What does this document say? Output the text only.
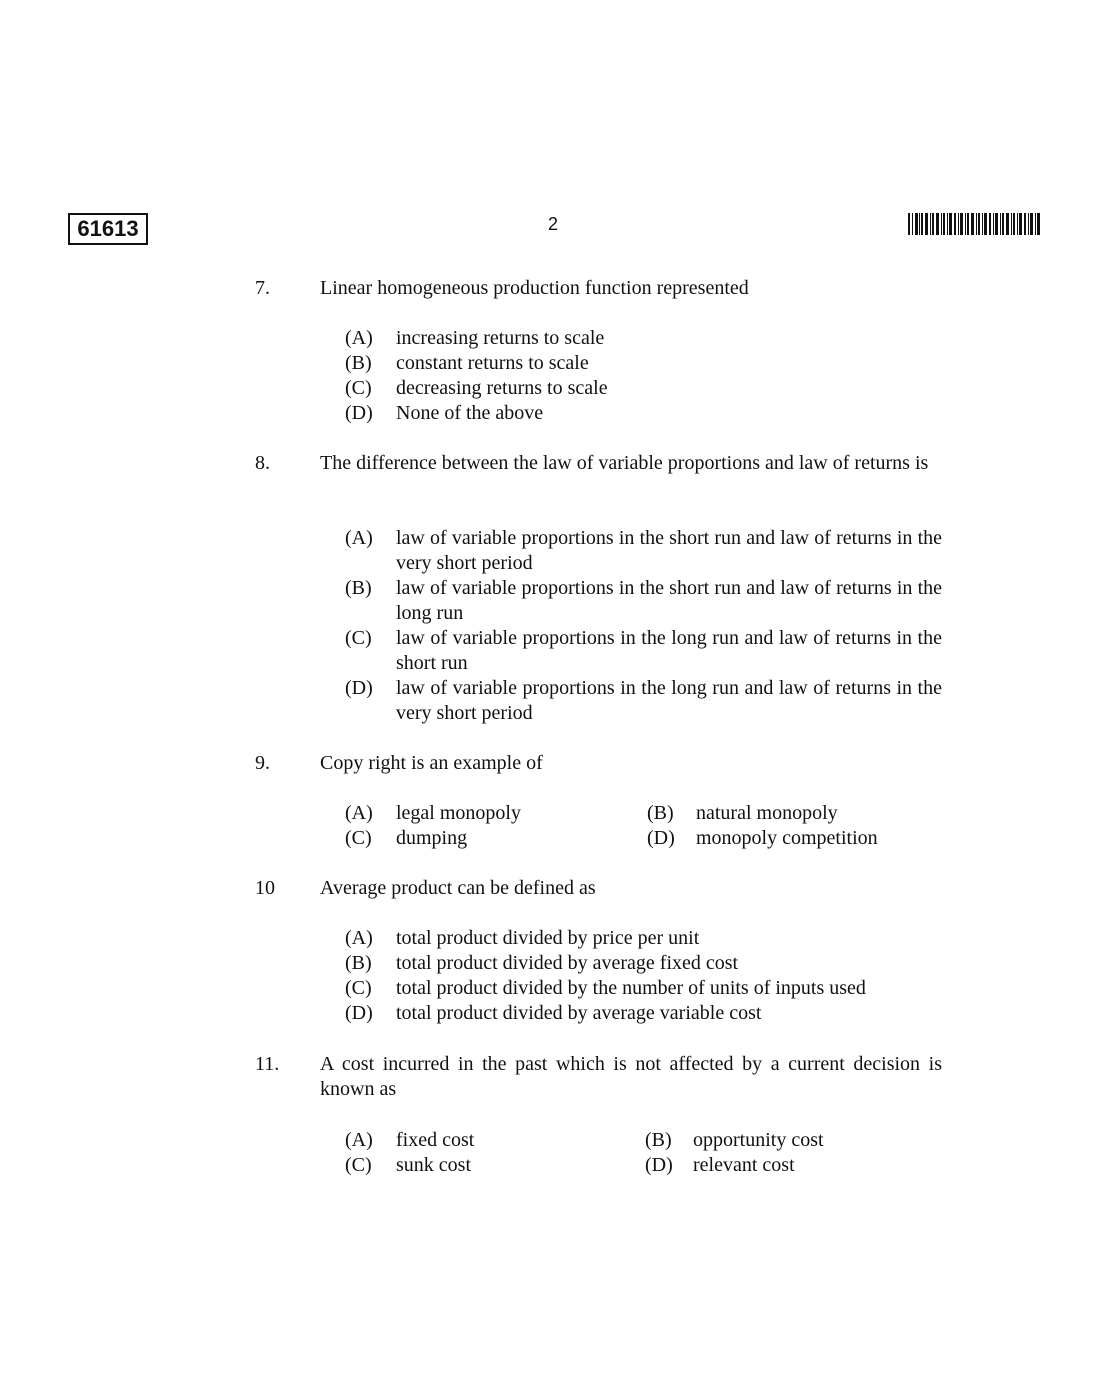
61613	2
7.	Linear homogeneous production function represented
(A) increasing returns to scale
(B) constant returns to scale
(C) decreasing returns to scale
(D) None of the above
8.	The difference between the law of variable proportions and law of returns is
(A) law of variable proportions in the short run and law of returns in the very short period
(B) law of variable proportions in the short run and law of returns in the long run
(C) law of variable proportions in the long run and law of returns in the short run
(D) law of variable proportions in the long run and law of returns in the very short period
9.	Copy right is an example of
(A) legal monopoly	(B) natural monopoly
(C) dumping	(D) monopoly competition
10 Average product can be defined as
(A) total product divided by price per unit
(B) total product divided by average fixed cost
(C) total product divided by the number of units of inputs used
(D) total product divided by average variable cost
11. A cost incurred in the past which is not affected by a current decision is known as
(A) fixed cost	(B) opportunity cost
(C) sunk cost	(D) relevant cost
